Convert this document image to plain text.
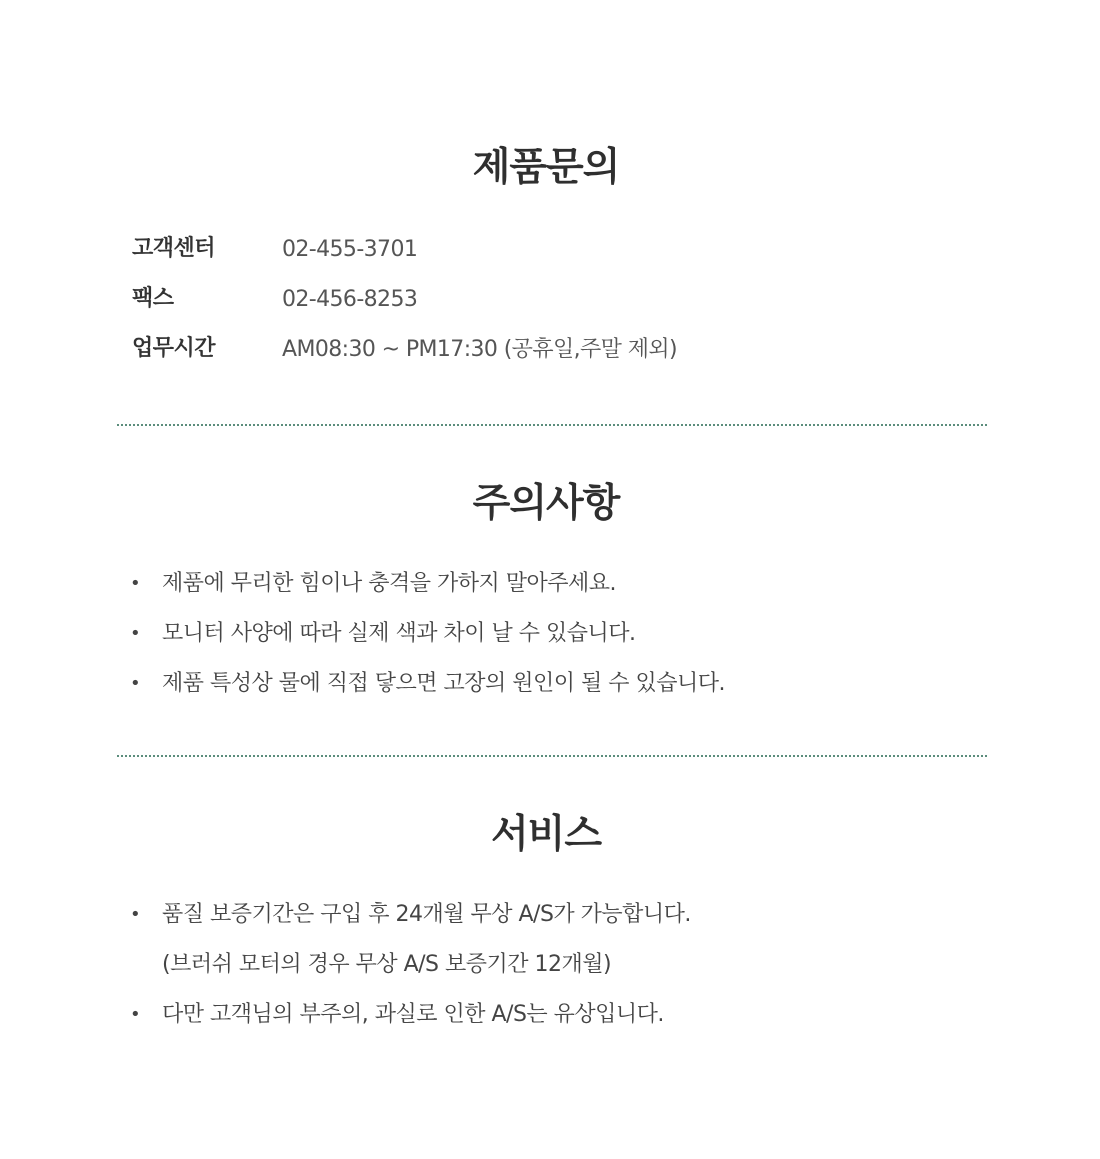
제품문의
고객센터	02-455-3701
팩스	02-456-8253
업무시간	AM08:30 ~ PM17:30 (공휴일,주말 제외)
주의사항
• 제품에 무리한 힘이나 충격을 가하지 말아주세요.
• 모니터 사양에 따라 실제 색과 차이 날 수 있습니다.
• 제품 특성상 물에 직접 닿으면 고장의 원인이 될 수 있습니다.
서비스
• 품질 보증기간은 구입 후 24개월 무상 A/S가 가능합니다.
(브러쉬 모터의 경우 무상 A/S 보증기간 12개월)
• 다만 고객님의 부주의, 과실로 인한 A/S는 유상입니다.
